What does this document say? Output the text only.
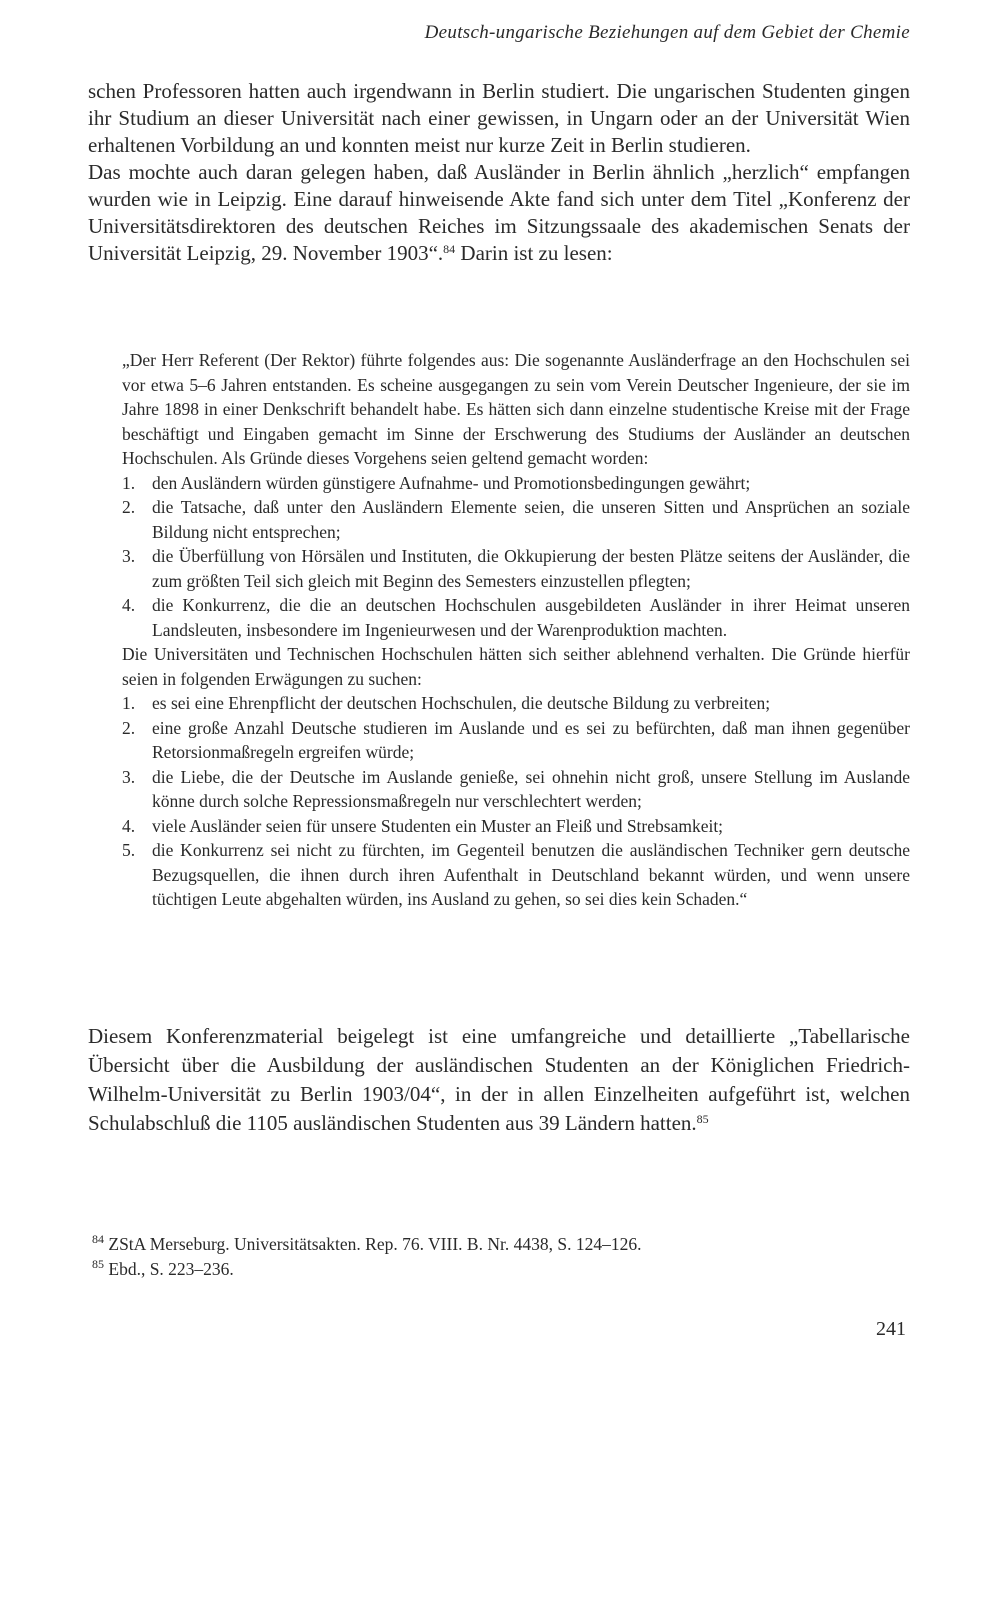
Deutsch-ungarische Beziehungen auf dem Gebiet der Chemie

schen Professoren hatten auch irgendwann in Berlin studiert. Die ungarischen Studenten gingen ihr Studium an dieser Universität nach einer gewissen, in Ungarn oder an der Universität Wien erhaltenen Vorbildung an und konnten meist nur kurze Zeit in Berlin studieren.

Das mochte auch daran gelegen haben, daß Ausländer in Berlin ähnlich „herzlich“ empfangen wurden wie in Leipzig. Eine darauf hinweisende Akte fand sich unter dem Titel „Konferenz der Universitätsdirektoren des deutschen Reiches im Sitzungssaale des akademischen Senats der Universität Leipzig, 29. November 1903“.$^{84}$ Darin ist zu lesen:

„Der Herr Referent (Der Rektor) führte folgendes aus: Die sogenannte Ausländerfrage an den Hochschulen sei vor etwa 5–6 Jahren entstanden. Es scheine ausgegangen zu sein vom Verein Deutscher Ingenieure, der sie im Jahre 1898 in einer Denkschrift behandelt habe. Es hätten sich dann einzelne studentische Kreise mit der Frage beschäftigt und Eingaben gemacht im Sinne der Erschwerung des Studiums der Ausländer an deutschen Hochschulen. Als Gründe dieses Vorgehens seien geltend gemacht worden:

1. den Ausländern würden günstigere Aufnahme- und Promotionsbedingungen gewährt;
2. die Tatsache, daß unter den Ausländern Elemente seien, die unseren Sitten und Ansprüchen an soziale Bildung nicht entsprechen;
3. die Überfüllung von Hörsälen und Instituten, die Okkupierung der besten Plätze seitens der Ausländer, die zum größten Teil sich gleich mit Beginn des Semesters einzustellen pflegten;
4. die Konkurrenz, die die an deutschen Hochschulen ausgebildeten Ausländer in ihrer Heimat unseren Landsleuten, insbesondere im Ingenieurwesen und der Warenproduktion machten.

Die Universitäten und Technischen Hochschulen hätten sich seither ablehnend verhalten. Die Gründe hierfür seien in folgenden Erwägungen zu suchen:

1. es sei eine Ehrenpflicht der deutschen Hochschulen, die deutsche Bildung zu verbreiten;
2. eine große Anzahl Deutsche studieren im Auslande und es sei zu befürchten, daß man ihnen gegenüber Retorsionmaßregeln ergreifen würde;
3. die Liebe, die der Deutsche im Auslande genieße, sei ohnehin nicht groß, unsere Stellung im Auslande könne durch solche Repressionsmaßregeln nur verschlechtert werden;
4. viele Ausländer seien für unsere Studenten ein Muster an Fleiß und Strebsamkeit;
5. die Konkurrenz sei nicht zu fürchten, im Gegenteil benutzen die ausländischen Techniker gern deutsche Bezugsquellen, die ihnen durch ihren Aufenthalt in Deutschland bekannt würden, und wenn unsere tüchtigen Leute abgehalten würden, ins Ausland zu gehen, so sei dies kein Schaden.“

Diesem Konferenzmaterial beigelegt ist eine umfangreiche und detaillierte „Tabellarische Übersicht über die Ausbildung der ausländischen Studenten an der Königlichen Friedrich-Wilhelm-Universität zu Berlin 1903/04“, in der in allen Einzelheiten aufgeführt ist, welchen Schulabschluß die 1105 ausländischen Studenten aus 39 Ländern hatten.$^{85}$

$^{84}$ ZStA Merseburg. Universitätsakten. Rep. 76. VIII. B. Nr. 4438, S. 124–126.

$^{85}$ Ebd., S. 223–236.

241
